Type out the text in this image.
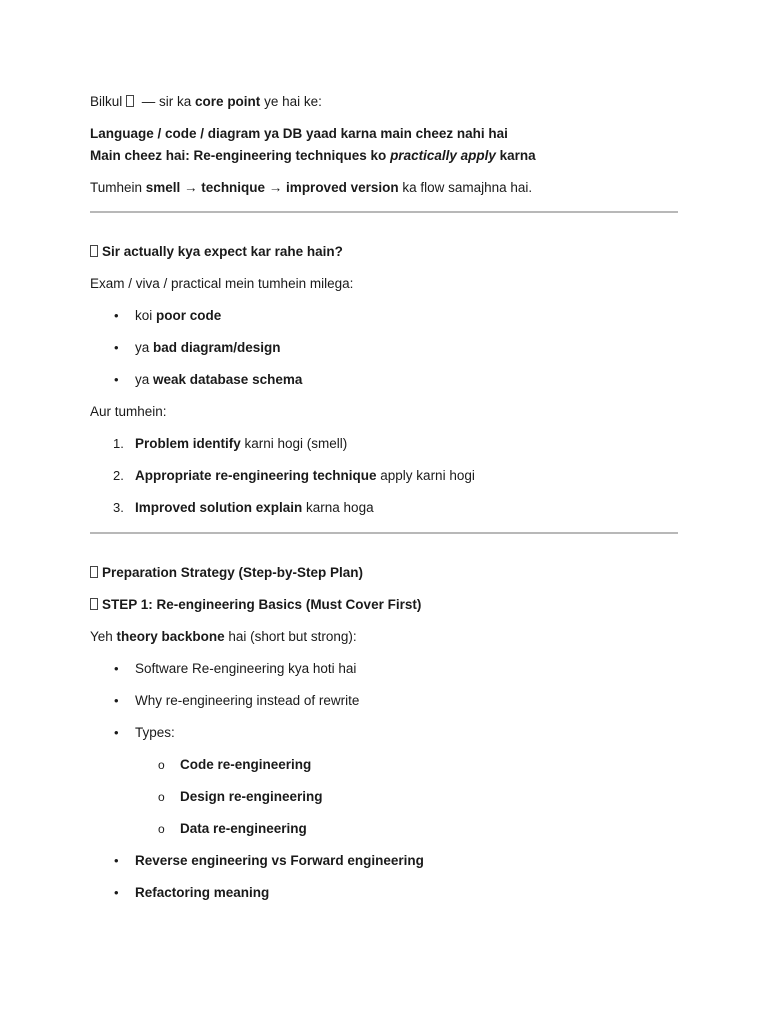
Bilkul  — sir ka core point ye hai ke:
Language / code / diagram ya DB yaad karna main cheez nahi hai
Main cheez hai: Re-engineering techniques ko practically apply karna
Tumhein smell → technique → improved version ka flow samajhna hai.
Sir actually kya expect kar rahe hain?
Exam / viva / practical mein tumhein milega:
• koi poor code
• ya bad diagram/design
• ya weak database schema
Aur tumhein:
1. Problem identify karni hogi (smell)
2. Appropriate re-engineering technique apply karni hogi
3. Improved solution explain karna hoga
Preparation Strategy (Step-by-Step Plan)
STEP 1: Re-engineering Basics (Must Cover First)
Yeh theory backbone hai (short but strong):
• Software Re-engineering kya hoti hai
• Why re-engineering instead of rewrite
• Types:
o Code re-engineering
o Design re-engineering
o Data re-engineering
• Reverse engineering vs Forward engineering
• Refactoring meaning
